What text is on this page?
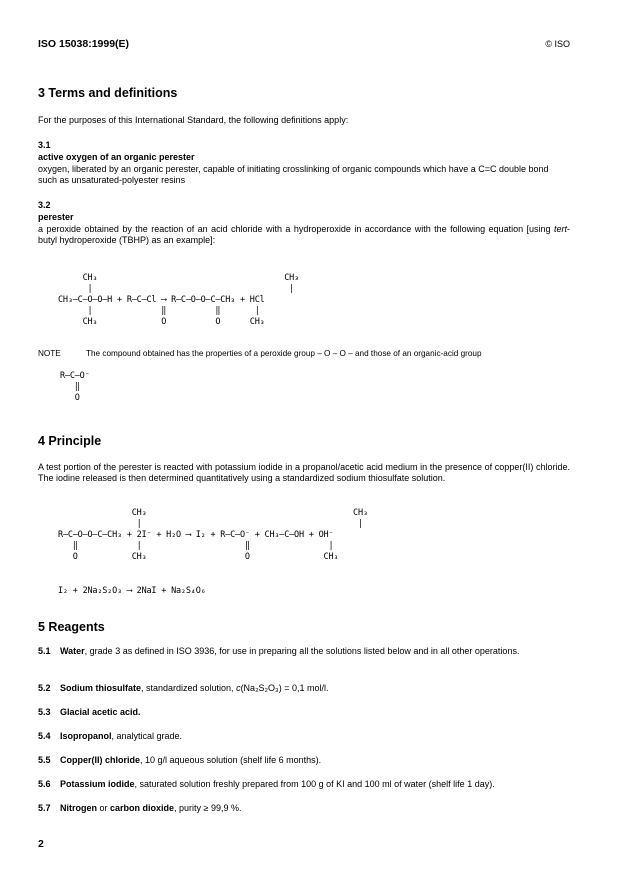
ISO 15038:1999(E)	© ISO
3 Terms and definitions
For the purposes of this International Standard, the following definitions apply:
3.1
active oxygen of an organic perester
oxygen, liberated by an organic perester, capable of initiating crosslinking of organic compounds which have a C=C double bond such as unsaturated-polyester resins
3.2
perester
a peroxide obtained by the reaction of an acid chloride with a hydroperoxide in accordance with the following equation [using tert-butyl hydroperoxide (TBHP) as an example]:
CH₃                                      CH₃
|                                        |
CH₃—C—O—O—H + R—C—Cl ⟶ R—C—O—O—C—CH₃ + HCl
|              ‖          ‖       |
CH₃             O          O      CH₃
NOTE	The compound obtained has the properties of a peroxide group – O – O – and those of an organic-acid group
R—C—O⁻
‖
O
4 Principle
A test portion of the perester is reacted with potassium iodide in a propanol/acetic acid medium in the presence of copper(II) chloride. The iodine released is then determined quantitatively using a standardized sodium thiosulfate solution.
CH₃                                          CH₃
|                                            |
R—C—O—O—C—CH₃ + 2I⁻ + H₂O ⟶ I₂ + R—C—O⁻ + CH₃—C—OH + OH⁻
‖            |                     ‖                |
O           CH₃                    O               CH₃
I₂ + 2Na₂S₂O₃ ⟶ 2NaI + Na₂S₄O₆
5 Reagents
5.1 Water, grade 3 as defined in ISO 3936, for use in preparing all the solutions listed below and in all other operations.
5.2 Sodium thiosulfate, standardized solution, c(Na₂S₂O₃) = 0,1 mol/l.
5.3 Glacial acetic acid.
5.4 Isopropanol, analytical grade.
5.5 Copper(II) chloride, 10 g/l aqueous solution (shelf life 6 months).
5.6 Potassium iodide, saturated solution freshly prepared from 100 g of KI and 100 ml of water (shelf life 1 day).
5.7 Nitrogen or carbon dioxide, purity ≥ 99,9 %.
2
